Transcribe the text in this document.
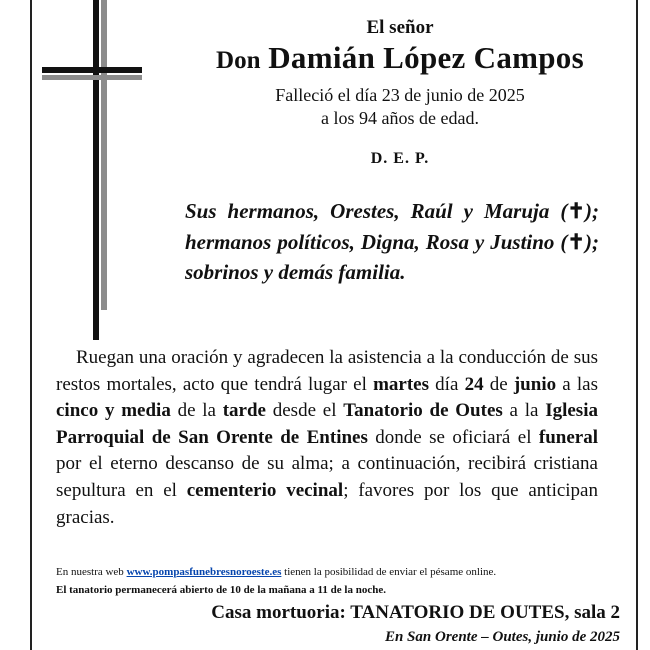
El señor
Don Damián López Campos
Falleció el día 23 de junio de 2025
a los 94 años de edad.
D. E. P.
Sus hermanos, Orestes, Raúl y Maruja (✝); hermanos políticos, Digna, Rosa y Justino (✝); sobrinos y demás familia.
Ruegan una oración y agradecen la asistencia a la conducción de sus restos mortales, acto que tendrá lugar el martes día 24 de junio a las cinco y media de la tarde desde el Tanatorio de Outes a la Iglesia Parroquial de San Orente de Entines donde se oficiará el funeral por el eterno descanso de su alma; a continuación, recibirá cristiana sepultura en el cementerio vecinal; favores por los que anticipan gracias.
En nuestra web www.pompasfunebresnoroeste.es tienen la posibilidad de enviar el pésame online.
El tanatorio permanecerá abierto de 10 de la mañana a 11 de la noche.
Casa mortuoria: TANATORIO DE OUTES, sala 2
En San Orente – Outes, junio de 2025
